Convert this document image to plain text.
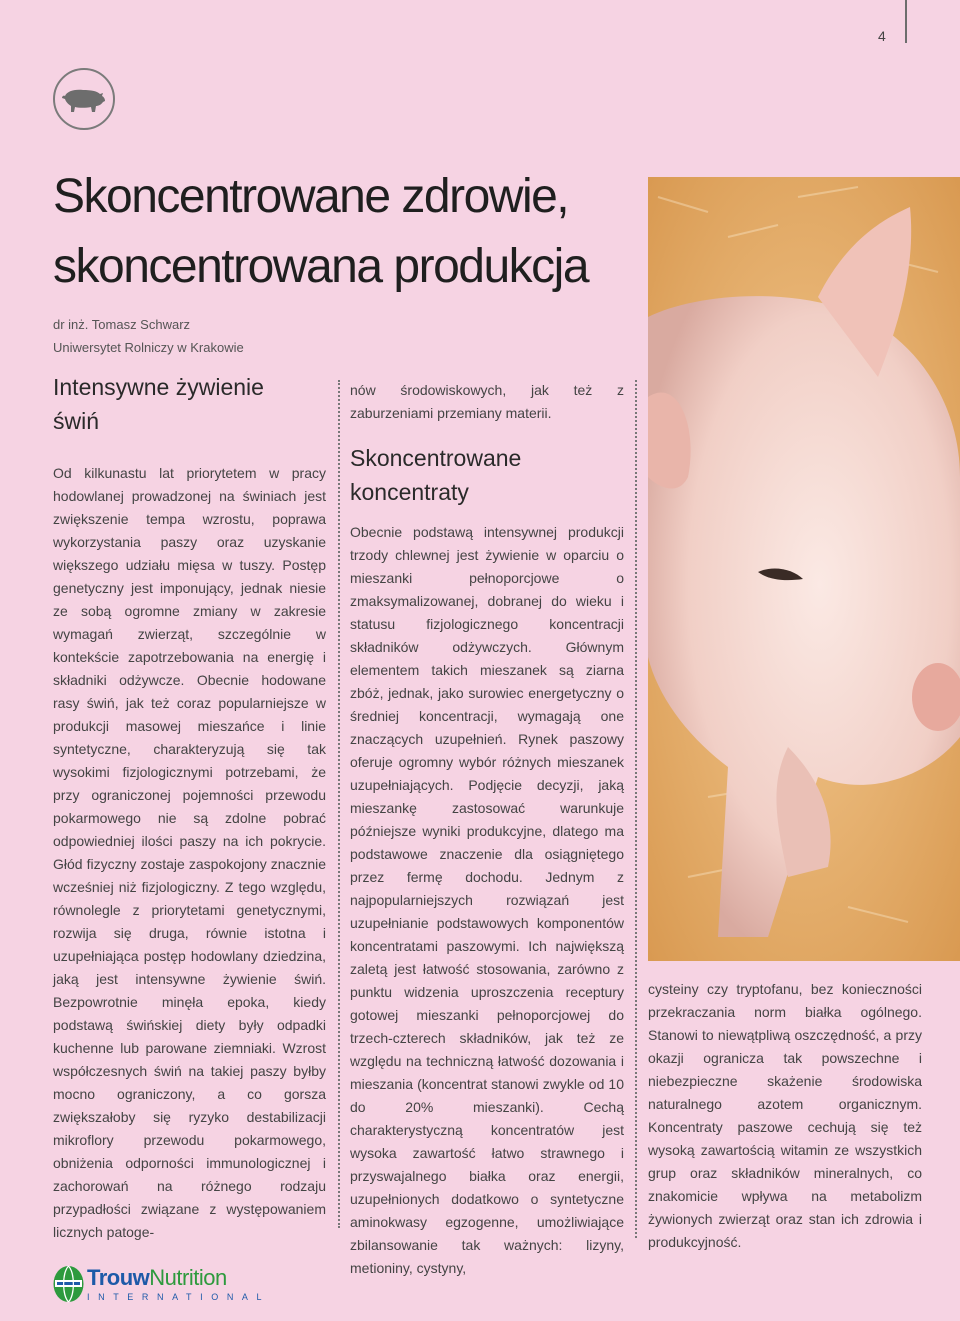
4
Skoncentrowane zdrowie,
skoncentrowana produkcja
dr inż. Tomasz Schwarz
Uniwersytet Rolniczy w Krakowie
Intensywne żywienie
świń

Od kilkunastu lat priorytetem w pracy hodowlanej prowadzonej na świniach jest zwiększenie tempa wzrostu, poprawa wykorzystania paszy oraz uzyskanie większego udziału mięsa w tuszy. Postęp genetyczny jest imponujący, jednak niesie ze sobą ogromne zmiany w zakresie wymagań zwierząt, szczególnie w kontekście zapotrzebowania na energię i składniki odżywcze. Obecnie hodowane rasy świń, jak też coraz popularniejsze w produkcji masowej mieszańce i linie syntetyczne, charakteryzują się tak wysokimi fizjologicznymi potrzebami, że przy ograniczonej pojemności przewodu pokarmowego nie są zdolne pobrać odpowiedniej ilości paszy na ich pokrycie. Głód fizyczny zostaje zaspokojony znacznie wcześniej niż fizjologiczny. Z tego względu, równolegle z priorytetami genetycznymi, rozwija się druga, równie istotna i uzupełniająca postęp hodowlany dziedzina, jaką jest intensywne żywienie świń. Bezpowrotnie minęła epoka, kiedy podstawą świńskiej diety były odpadki kuchenne lub parowane ziemniaki. Wzrost współczesnych świń na takiej paszy byłby mocno ograniczony, a co gorsza zwiększałoby się ryzyko destabilizacji mikroflory przewodu pokarmowego, obniżenia odporności immunologicznej i zachorowań na różnego rodzaju przypadłości związane z występowaniem licznych patoge-

nów środowiskowych, jak też z zaburzeniami przemiany materii.

Skoncentrowane
koncentraty

Obecnie podstawą intensywnej produkcji trzody chlewnej jest żywienie w oparciu o mieszanki pełnoporcjowe o zmaksymalizowanej, dobranej do wieku i statusu fizjologicznego koncentracji składników odżywczych. Głównym elementem takich mieszanek są ziarna zbóż, jednak, jako surowiec energetyczny o średniej koncentracji, wymagają one znaczących uzupełnień. Rynek paszowy oferuje ogromny wybór różnych mieszanek uzupełniających. Podjęcie decyzji, jaką mieszankę zastosować warunkuje późniejsze wyniki produkcyjne, dlatego ma podstawowe znaczenie dla osiągniętego przez fermę dochodu. Jednym z najpopularniejszych rozwiązań jest uzupełnianie podstawowych komponentów koncentratami paszowymi. Ich największą zaletą jest łatwość stosowania, zarówno z punktu widzenia uproszczenia receptury gotowej mieszanki pełnoporcjowej do trzech-czterech składników, jak też ze względu na techniczną łatwość dozowania i mieszania (koncentrat stanowi zwykle od 10 do 20% mieszanki). Cechą charakterystyczną koncentratów jest wysoka zawartość łatwo strawnego i przyswajalnego białka oraz energii, uzupełnionych dodatkowo o syntetyczne aminokwasy egzogenne, umożliwiające zbilansowanie tak ważnych: lizyny, metioniny, cystyny,

cysteiny czy tryptofanu, bez konieczności przekraczania norm białka ogólnego. Stanowi to niewątpliwą oszczędność, a przy okazji ogranicza tak powszechne i niebezpieczne skażenie środowiska naturalnego azotem organicznym. Koncentraty paszowe cechują się też wysoką zawartością witamin ze wszystkich grup oraz składników mineralnych, co znakomicie wpływa na metabolizm żywionych zwierząt oraz stan ich zdrowia i produkcyjność.

TrouwNutrition
INTERNATIONAL
